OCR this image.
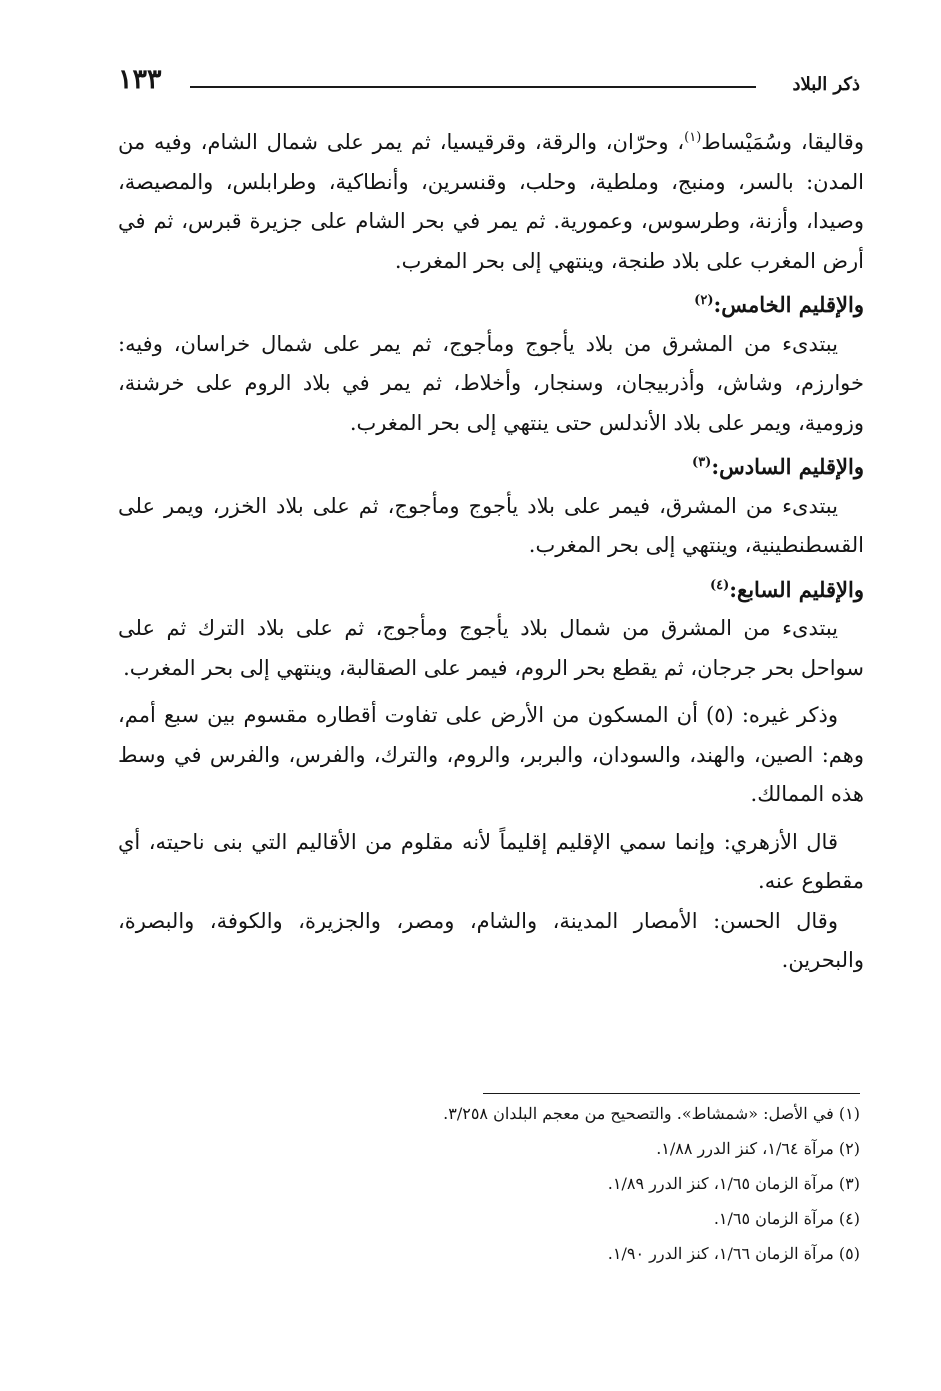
ذكر البلاد
١٣٣

وقاليقا، وسُمَيْساط$^{(١)}$، وحرّان، والرقة، وقرقيسيا، ثم يمر على شمال الشام، وفيه من المدن: بالسر، ومنبج، وملطية، وحلب، وقنسرين، وأنطاكية، وطرابلس، والمصيصة، وصيدا، وأزنة، وطرسوس، وعمورية. ثم يمر في بحر الشام على جزيرة قبرس، ثم في أرض المغرب على بلاد طنجة، وينتهي إلى بحر المغرب.

والإقليم الخامس:$^{(٢)}$

يبتدىء من المشرق من بلاد يأجوج ومأجوج، ثم يمر على شمال خراسان، وفيه: خوارزم، وشاش، وأذربيجان، وسنجار، وأخلاط، ثم يمر في بلاد الروم على خرشنة، وزومية، ويمر على بلاد الأندلس حتى ينتهي إلى بحر المغرب.

والإقليم السادس:$^{(٣)}$

يبتدىء من المشرق، فيمر على بلاد يأجوج ومأجوج، ثم على بلاد الخزر، ويمر على القسطنطينية، وينتهي إلى بحر المغرب.

والإقليم السابع:$^{(٤)}$

يبتدىء من المشرق من شمال بلاد يأجوج ومأجوج، ثم على بلاد الترك ثم على سواحل بحر جرجان، ثم يقطع بحر الروم، فيمر على الصقالبة، وينتهي إلى بحر المغرب.

وذكر غيره: (٥) أن المسكون من الأرض على تفاوت أقطاره مقسوم بين سبع أمم، وهم: الصين، والهند، والسودان، والبربر، والروم، والترك، والفرس، والفرس في وسط هذه الممالك.

قال الأزهري: وإنما سمي الإقليم إقليماً لأنه مقلوم من الأقاليم التي بنى ناحيته، أي مقطوع عنه.

وقال الحسن: الأمصار المدينة، والشام، ومصر، والجزيرة، والكوفة، والبصرة، والبحرين.

(١) في الأصل: «شمشاط». والتصحيح من معجم البلدان ٣/٢٥٨.

(٢) مرآة ١/٦٤، كنز الدرر ١/٨٨.

(٣) مرآة الزمان ١/٦٥، كنز الدرر ١/٨٩.

(٤) مرآة الزمان ١/٦٥.

(٥) مرآة الزمان ١/٦٦، كنز الدرر ١/٩٠.
